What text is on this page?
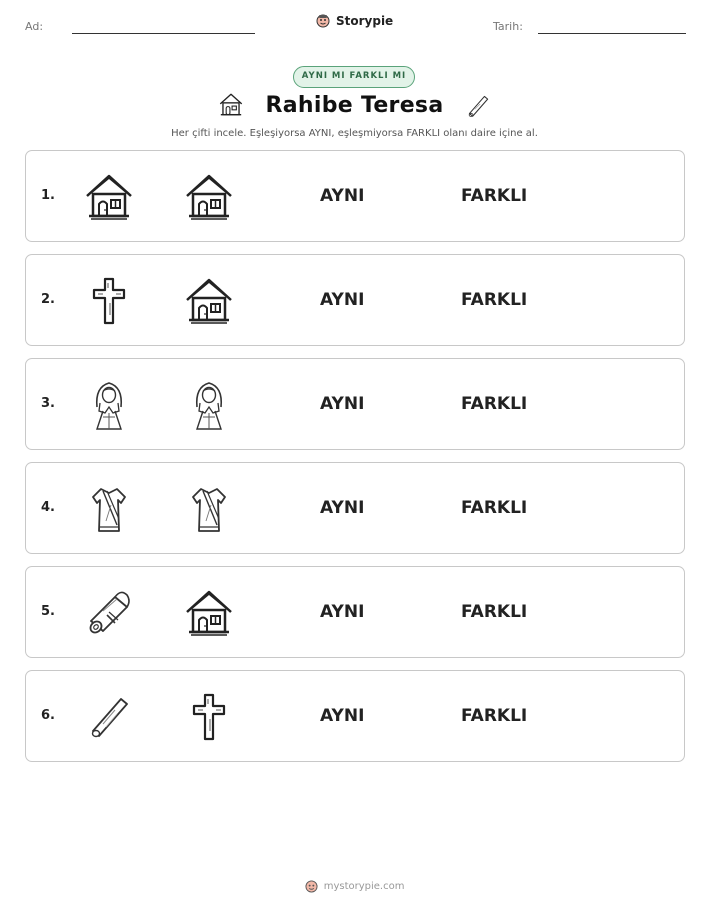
Ad:	Storypie	Tarih:
AYNI MI FARKLI MI
Rahibe Teresa
Her çifti incele. Eşleşiyorsa AYNI, eşleşmiyorsa FARKLI olanı daire içine al.
1.	AYNI	FARKLI
2.	AYNI	FARKLI
3.	AYNI	FARKLI
4.	AYNI	FARKLI
5.	AYNI	FARKLI
6.	AYNI	FARKLI
mystorypie.com
